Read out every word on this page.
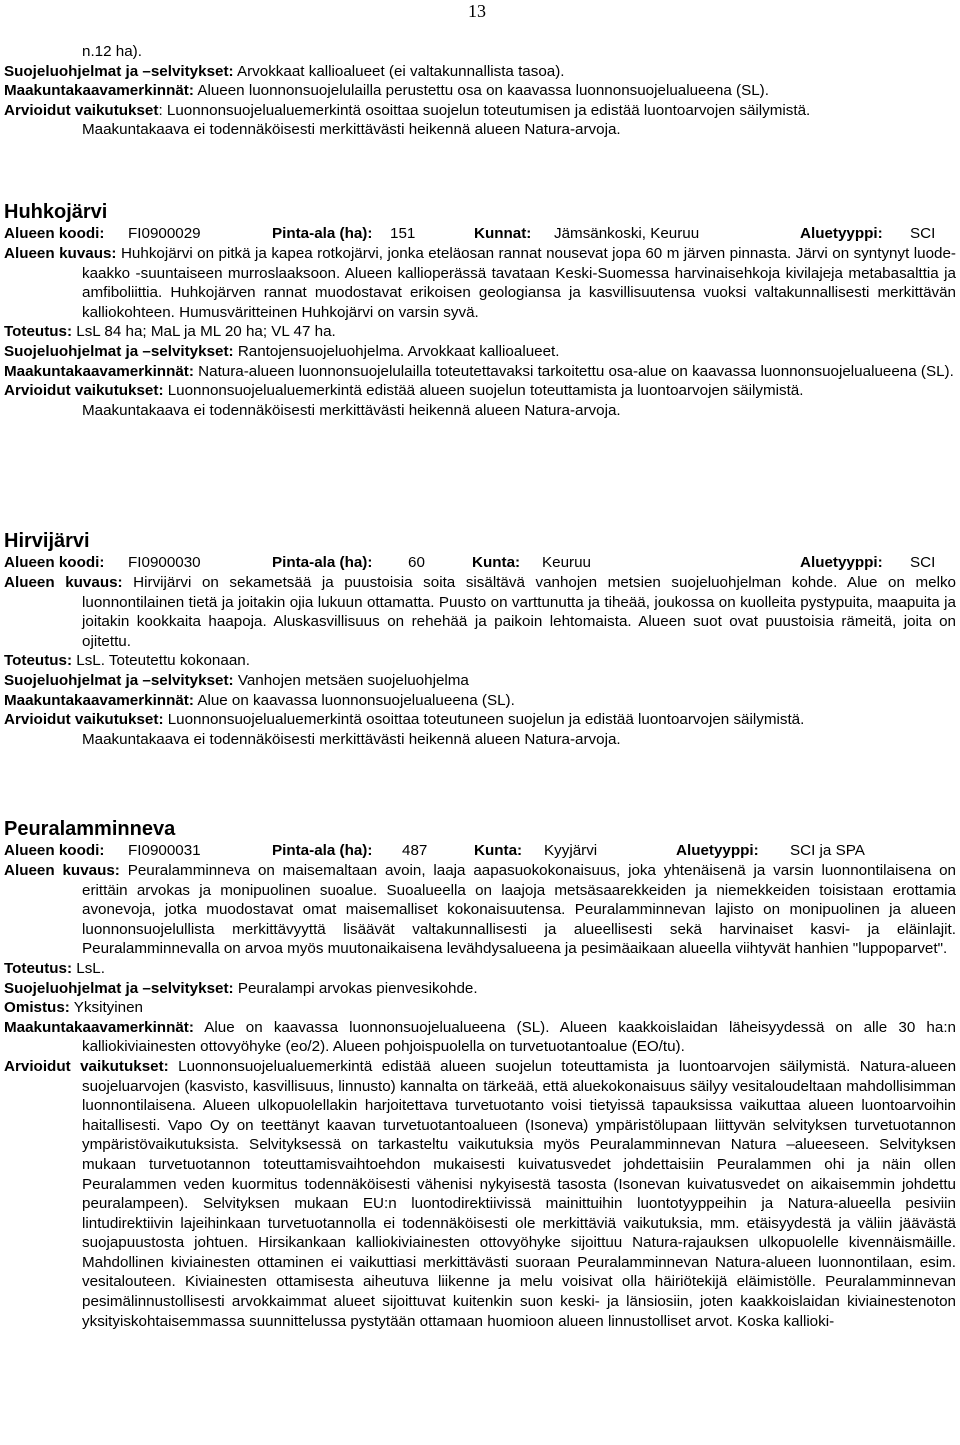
13

n.12 ha).

Suojeluohjelmat ja –selvitykset: Arvokkaat kallioalueet (ei valtakunnallista tasoa).

Maakuntakaavamerkinnät: Alueen luonnonsuojelulailla perustettu osa on kaavassa luonnonsuojelualueena (SL).

Arvioidut vaikutukset: Luonnonsuojelualuemerkintä osoittaa suojelun toteutumisen ja edistää luontoarvojen säilymistä.

Maakuntakaava ei todennäköisesti merkittävästi heikennä alueen Natura-arvoja.

Huhkojärvi
Alueen koodi: FI0900029	Pinta-ala (ha): 151	Kunnat: Jämsänkoski, Keuruu	Aluetyyppi: SCI

Alueen kuvaus: Huhkojärvi on pitkä ja kapea rotkojärvi, jonka eteläosan rannat nousevat jopa 60 m järven pinnasta. Järvi on syntynyt luode-kaakko -suuntaiseen murroslaaksoon. Alueen kallioperässä tavataan Keski-Suomessa harvinaisehkoja kivilajeja metabasalttia ja amfiboliittia. Huhkojärven rannat muodostavat erikoisen geologiansa ja kasvillisuutensa vuoksi valtakunnallisesti merkittävän kalliokohteen. Humusväritteinen Huhkojärvi on varsin syvä.

Toteutus: LsL 84 ha; MaL ja ML 20 ha; VL 47 ha.

Suojeluohjelmat ja –selvitykset: Rantojensuojeluohjelma. Arvokkaat kallioalueet.

Maakuntakaavamerkinnät: Natura-alueen luonnonsuojelulailla toteutettavaksi tarkoitettu osa-alue on kaavassa luonnonsuojelualueena (SL).

Arvioidut vaikutukset: Luonnonsuojelualuemerkintä edistää alueen suojelun toteuttamista ja luontoarvojen säilymistä.

Maakuntakaava ei todennäköisesti merkittävästi heikennä alueen Natura-arvoja.

Hirvijärvi
Alueen koodi: FI0900030	Pinta-ala (ha): 60	Kunta: Keuruu	Aluetyyppi: SCI

Alueen kuvaus: Hirvijärvi on sekametsää ja puustoisia soita sisältävä vanhojen metsien suojeluohjelman kohde. Alue on melko luonnontilainen tietä ja joitakin ojia lukuun ottamatta. Puusto on varttunutta ja tiheää, joukossa on kuolleita pystypuita, maapuita ja joitakin kookkaita haapoja. Aluskasvillisuus on rehehää ja paikoin lehtomaista. Alueen suot ovat puustoisia rämeitä, joita on ojitettu.

Toteutus: LsL. Toteutettu kokonaan.

Suojeluohjelmat ja –selvitykset: Vanhojen metsäen suojeluohjelma

Maakuntakaavamerkinnät: Alue on kaavassa luonnonsuojelualueena (SL).

Arvioidut vaikutukset: Luonnonsuojelualuemerkintä osoittaa toteutuneen suojelun ja edistää luontoarvojen säilymistä.

Maakuntakaava ei todennäköisesti merkittävästi heikennä alueen Natura-arvoja.

Peuralamminneva
Alueen koodi: FI0900031	Pinta-ala (ha): 487	Kunta: Kyyjärvi	Aluetyyppi: SCI ja SPA

Alueen kuvaus: Peuralamminneva on maisemaltaan avoin, laaja aapasuokokonaisuus, joka yhtenäisenä ja varsin luonnontilaisena on erittäin arvokas ja monipuolinen suoalue. Suoalueella on laajoja metsäsaarekkeiden ja niemekkeiden toisistaan erottamia avonevoja, jotka muodostavat omat maisemalliset kokonaisuutensa. Peuralamminnevan lajisto on monipuolinen ja alueen luonnonsuojelullista merkittävyyttä lisäävät valtakunnallisesti ja alueellisesti sekä harvinaiset kasvi- ja eläinlajit. Peuralamminnevalla on arvoa myös muutonaikaisena levähdysalueena ja pesimäaikaan alueella viihtyvät hanhien "luppoparvet".

Toteutus: LsL.

Suojeluohjelmat ja –selvitykset: Peuralampi arvokas pienvesikohde.

Omistus: Yksityinen

Maakuntakaavamerkinnät: Alue on kaavassa luonnonsuojelualueena (SL). Alueen kaakkoislaidan läheisyydessä on alle 30 ha:n kalliokiviainesten ottovyöhyke (eo/2). Alueen pohjoispuolella on turvetuotantoalue (EO/tu).

Arvioidut vaikutukset: Luonnonsuojelualuemerkintä edistää alueen suojelun toteuttamista ja luontoarvojen säilymistä. Natura-alueen suojeluarvojen (kasvisto, kasvillisuus, linnusto) kannalta on tärkeää, että aluekokonaisuus säilyy vesitaloudeltaan mahdollisimman luonnontilaisena. Alueen ulkopuolellakin harjoitettava turvetuotanto voisi tietyissä tapauksissa vaikuttaa alueen luontoarvoihin haitallisesti. Vapo Oy on teettänyt kaavan turvetuotantoalueen (Isoneva) ympäristölupaan liittyvän selvityksen turvetuotannon ympäristövaikutuksista. Selvityksessä on tarkasteltu vaikutuksia myös Peuralamminnevan Natura –alueeseen. Selvityksen mukaan turvetuotannon toteuttamisvaihtoehdon mukaisesti kuivatusvedet johdettaisiin Peuralammen ohi ja näin ollen Peuralammen veden kuormitus todennäköisesti vähenisi nykyisestä tasosta (Isonevan kuivatusvedet on aikaisemmin johdettu peuralampeen). Selvityksen mukaan EU:n luontodirektiivissä mainittuihin luontotyyppeihin ja Natura-alueella pesiviin lintudirektiivin lajeihinkaan turvetuotannolla ei todennäköisesti ole merkittäviä vaikutuksia, mm. etäisyydestä ja väliin jäävästä suojapuustosta johtuen. Hirsikankaan kalliokiviainesten ottovyöhyke sijoittuu Natura-rajauksen ulkopuolelle kivennäismäille. Mahdollinen kiviainesten ottaminen ei vaikuttiasi merkittävästi suoraan Peuralamminnevan Natura-alueen luonnontilaan, esim. vesitalouteen. Kiviainesten ottamisesta aiheutuva liikenne ja melu voisivat olla häiriötekijä eläimistölle. Peuralamminnevan pesimälinnustollisesti arvokkaimmat alueet sijoittuvat kuitenkin suon keski- ja länsiosiin, joten kaakkoislaidan kiviainestenoton yksityiskohtaisemmassa suunnittelussa pystytään ottamaan huomioon alueen linnustolliset arvot. Koska kallioki-
